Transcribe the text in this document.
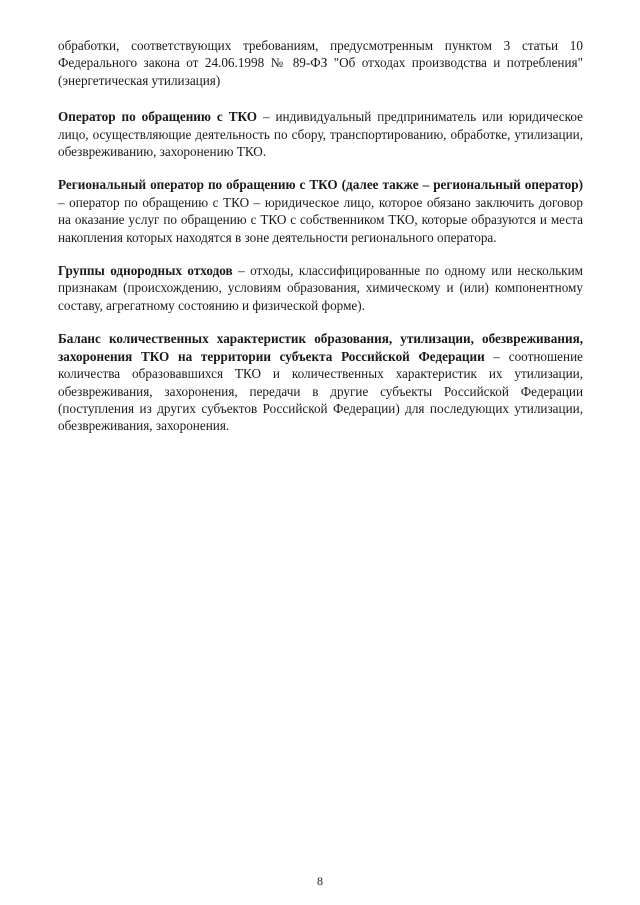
обработки, соответствующих требованиям, предусмотренным пунктом 3 статьи 10 Федерального закона от 24.06.1998 № 89-ФЗ "Об отходах производства и потребления" (энергетическая утилизация)

Оператор по обращению с ТКО – индивидуальный предприниматель или юридическое лицо, осуществляющие деятельность по сбору, транспортированию, обработке, утилизации, обезвреживанию, захоронению ТКО.

Региональный оператор по обращению с ТКО (далее также – региональный оператор) – оператор по обращению с ТКО – юридическое лицо, которое обязано заключить договор на оказание услуг по обращению с ТКО с собственником ТКО, которые образуются и места накопления которых находятся в зоне деятельности регионального оператора.

Группы однородных отходов – отходы, классифицированные по одному или нескольким признакам (происхождению, условиям образования, химическому и (или) компонентному составу, агрегатному состоянию и физической форме).

Баланс количественных характеристик образования, утилизации, обезвреживания, захоронения ТКО на территории субъекта Российской Федерации – соотношение количества образовавшихся ТКО и количественных характеристик их утилизации, обезвреживания, захоронения, передачи в другие субъекты Российской Федерации (поступления из других субъектов Российской Федерации) для последующих утилизации, обезвреживания, захоронения.

8
